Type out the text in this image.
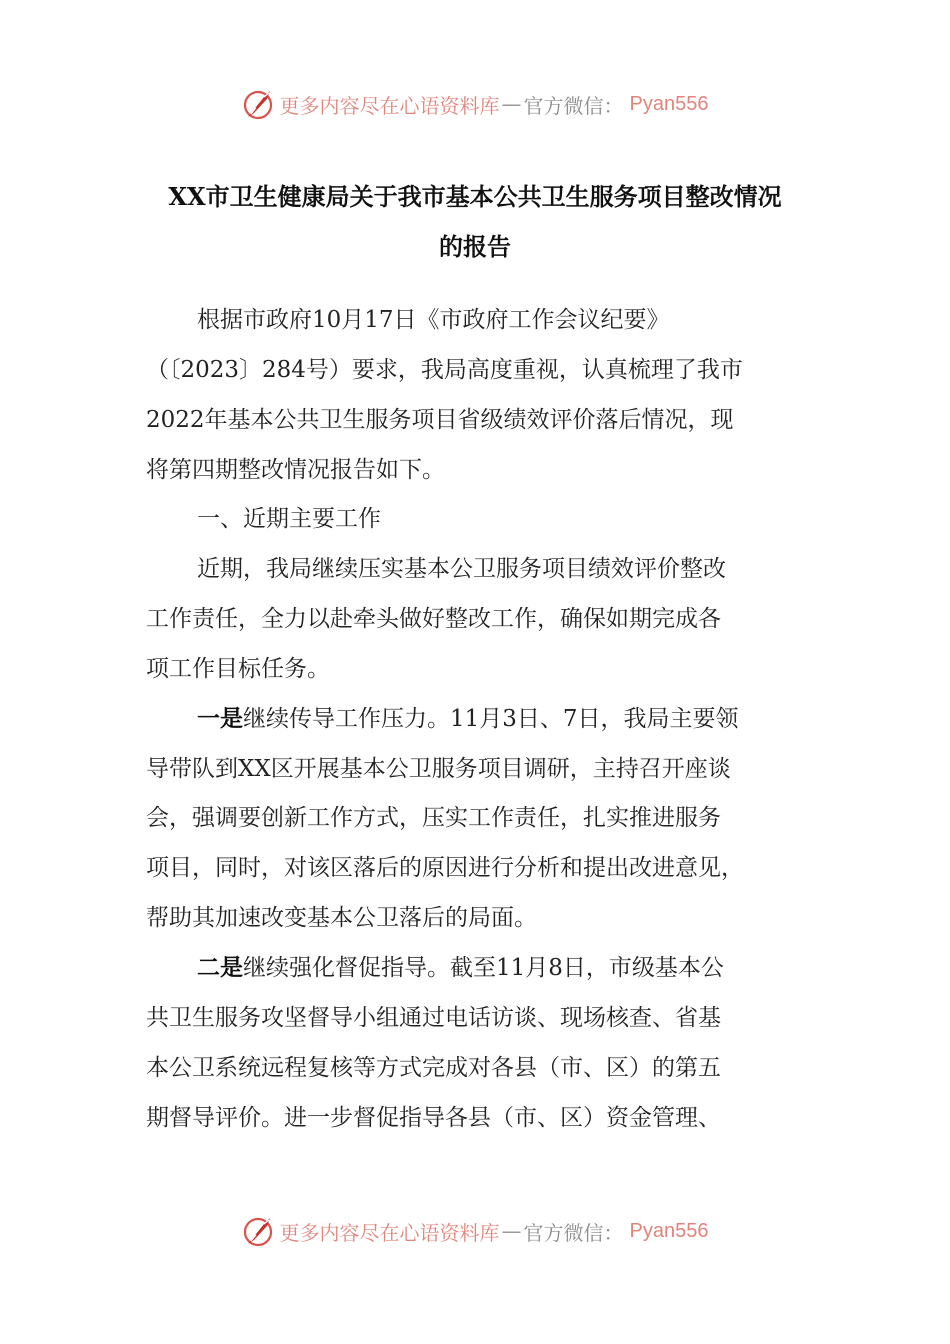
更多内容尽在心语资料库 — 官方微信： Pyan556
XX市卫生健康局关于我市基本公共卫生服务项目整改情况
的报告
根据市政府10月17日《市政府工作会议纪要》
（〔2023〕284号）要求，我局高度重视，认真梳理了我市
2022年基本公共卫生服务项目省级绩效评价落后情况，现
将第四期整改情况报告如下。
一、近期主要工作
近期，我局继续压实基本公卫服务项目绩效评价整改
工作责任，全力以赴牵头做好整改工作，确保如期完成各
项工作目标任务。
一是继续传导工作压力。11月3日、7日，我局主要领
导带队到XX区开展基本公卫服务项目调研，主持召开座谈
会，强调要创新工作方式，压实工作责任，扎实推进服务
项目，同时，对该区落后的原因进行分析和提出改进意见，
帮助其加速改变基本公卫落后的局面。
二是继续强化督促指导。截至11月8日，市级基本公
共卫生服务攻坚督导小组通过电话访谈、现场核查、省基
本公卫系统远程复核等方式完成对各县（市、区）的第五
期督导评价。进一步督促指导各县（市、区）资金管理、
更多内容尽在心语资料库 — 官方微信： Pyan556
